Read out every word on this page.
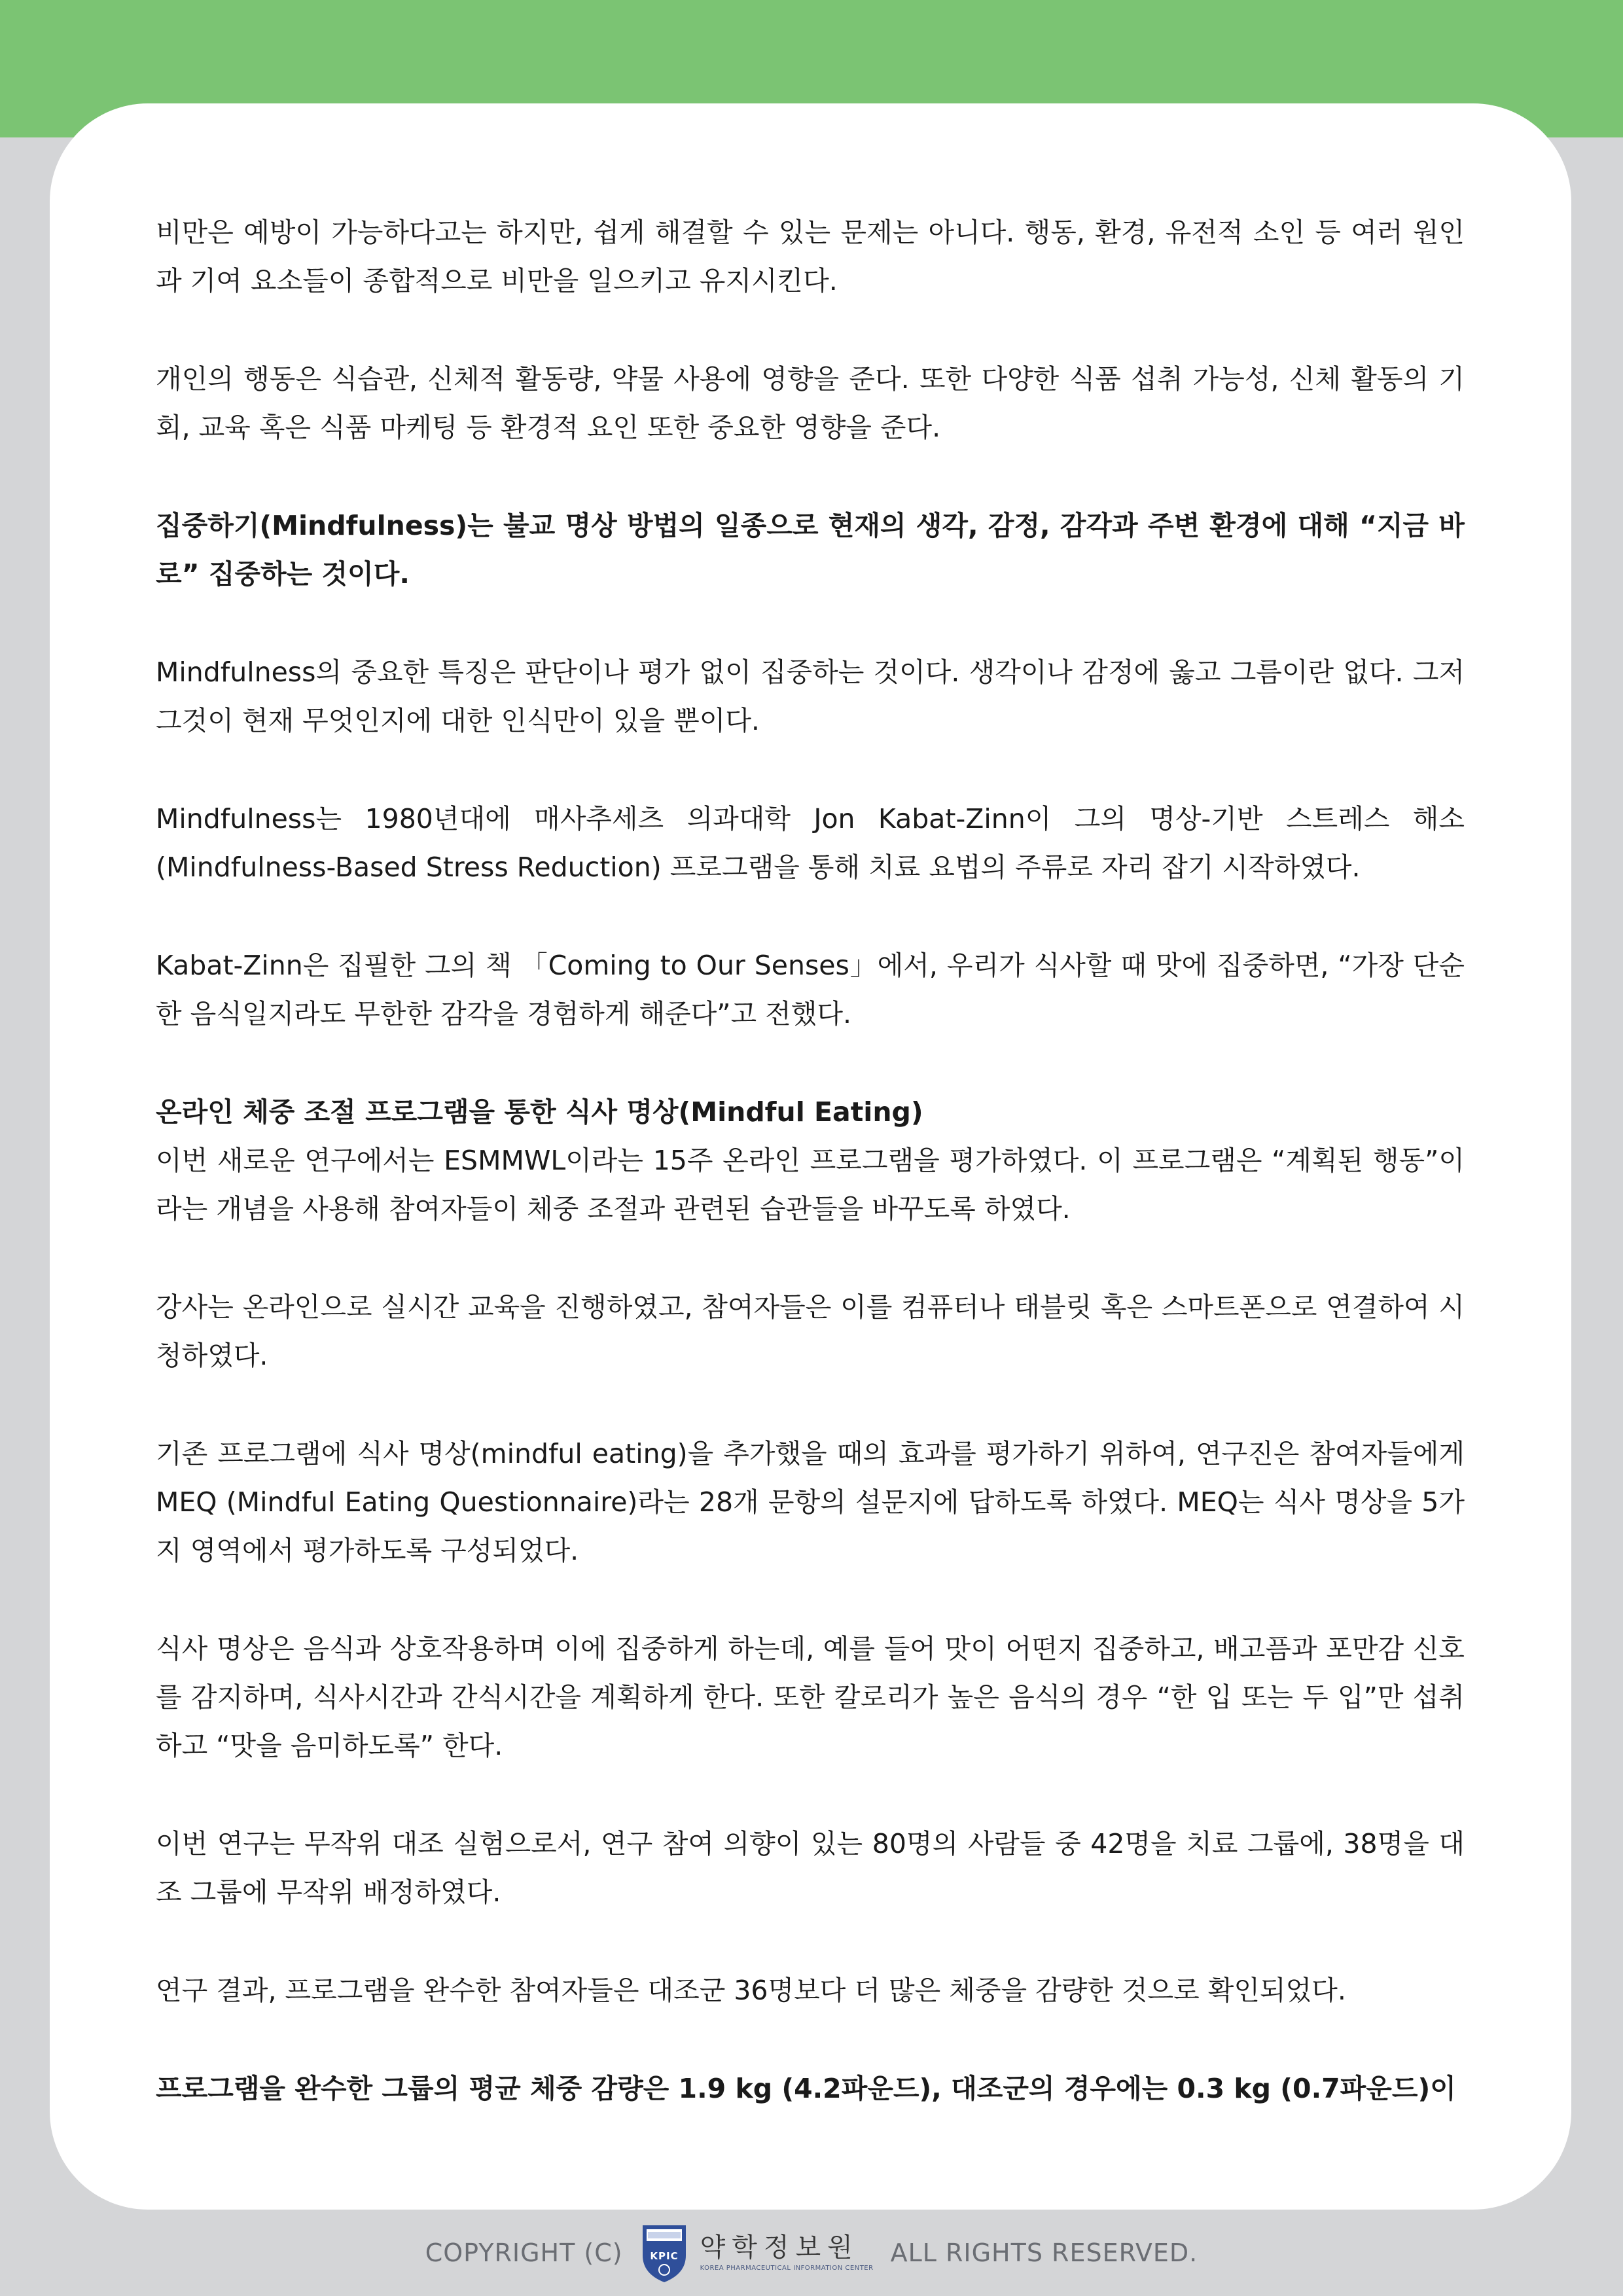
비만은 예방이 가능하다고는 하지만, 쉽게 해결할 수 있는 문제는 아니다. 행동, 환경, 유전적 소인 등 여러 원인과 기여 요소들이 종합적으로 비만을 일으키고 유지시킨다.

개인의 행동은 식습관, 신체적 활동량, 약물 사용에 영향을 준다. 또한 다양한 식품 섭취 가능성, 신체 활동의 기회, 교육 혹은 식품 마케팅 등 환경적 요인 또한 중요한 영향을 준다.

집중하기(Mindfulness)는 불교 명상 방법의 일종으로 현재의 생각, 감정, 감각과 주변 환경에 대해 “지금 바로” 집중하는 것이다.

Mindfulness의 중요한 특징은 판단이나 평가 없이 집중하는 것이다. 생각이나 감정에 옳고 그름이란 없다. 그저 그것이 현재 무엇인지에 대한 인식만이 있을 뿐이다.

Mindfulness는 1980년대에 매사추세츠 의과대학 Jon Kabat-Zinn이 그의 명상-기반 스트레스 해소(Mindfulness-Based Stress Reduction) 프로그램을 통해 치료 요법의 주류로 자리 잡기 시작하였다.

Kabat-Zinn은 집필한 그의 책 「Coming to Our Senses」에서, 우리가 식사할 때 맛에 집중하면, “가장 단순한 음식일지라도 무한한 감각을 경험하게 해준다”고 전했다.

온라인 체중 조절 프로그램을 통한 식사 명상(Mindful Eating)

이번 새로운 연구에서는 ESMMWL이라는 15주 온라인 프로그램을 평가하였다. 이 프로그램은 “계획된 행동”이라는 개념을 사용해 참여자들이 체중 조절과 관련된 습관들을 바꾸도록 하였다.

강사는 온라인으로 실시간 교육을 진행하였고, 참여자들은 이를 컴퓨터나 태블릿 혹은 스마트폰으로 연결하여 시청하였다.

기존 프로그램에 식사 명상(mindful eating)을 추가했을 때의 효과를 평가하기 위하여, 연구진은 참여자들에게 MEQ (Mindful Eating Questionnaire)라는 28개 문항의 설문지에 답하도록 하였다. MEQ는 식사 명상을 5가지 영역에서 평가하도록 구성되었다.

식사 명상은 음식과 상호작용하며 이에 집중하게 하는데, 예를 들어 맛이 어떤지 집중하고, 배고픔과 포만감 신호를 감지하며, 식사시간과 간식시간을 계획하게 한다. 또한 칼로리가 높은 음식의 경우 “한 입 또는 두 입”만 섭취하고 “맛을 음미하도록” 한다.

이번 연구는 무작위 대조 실험으로서, 연구 참여 의향이 있는 80명의 사람들 중 42명을 치료 그룹에, 38명을 대조 그룹에 무작위 배정하였다.

연구 결과, 프로그램을 완수한 참여자들은 대조군 36명보다 더 많은 체중을 감량한 것으로 확인되었다.

프로그램을 완수한 그룹의 평균 체중 감량은 1.9 kg (4.2파운드), 대조군의 경우에는 0.3 kg (0.7파운드)이

COPYRIGHT (C)	KPIC 약학정보원
KOREA PHARMACEUTICAL INFORMATION CENTER
ALL RIGHTS RESERVED.
